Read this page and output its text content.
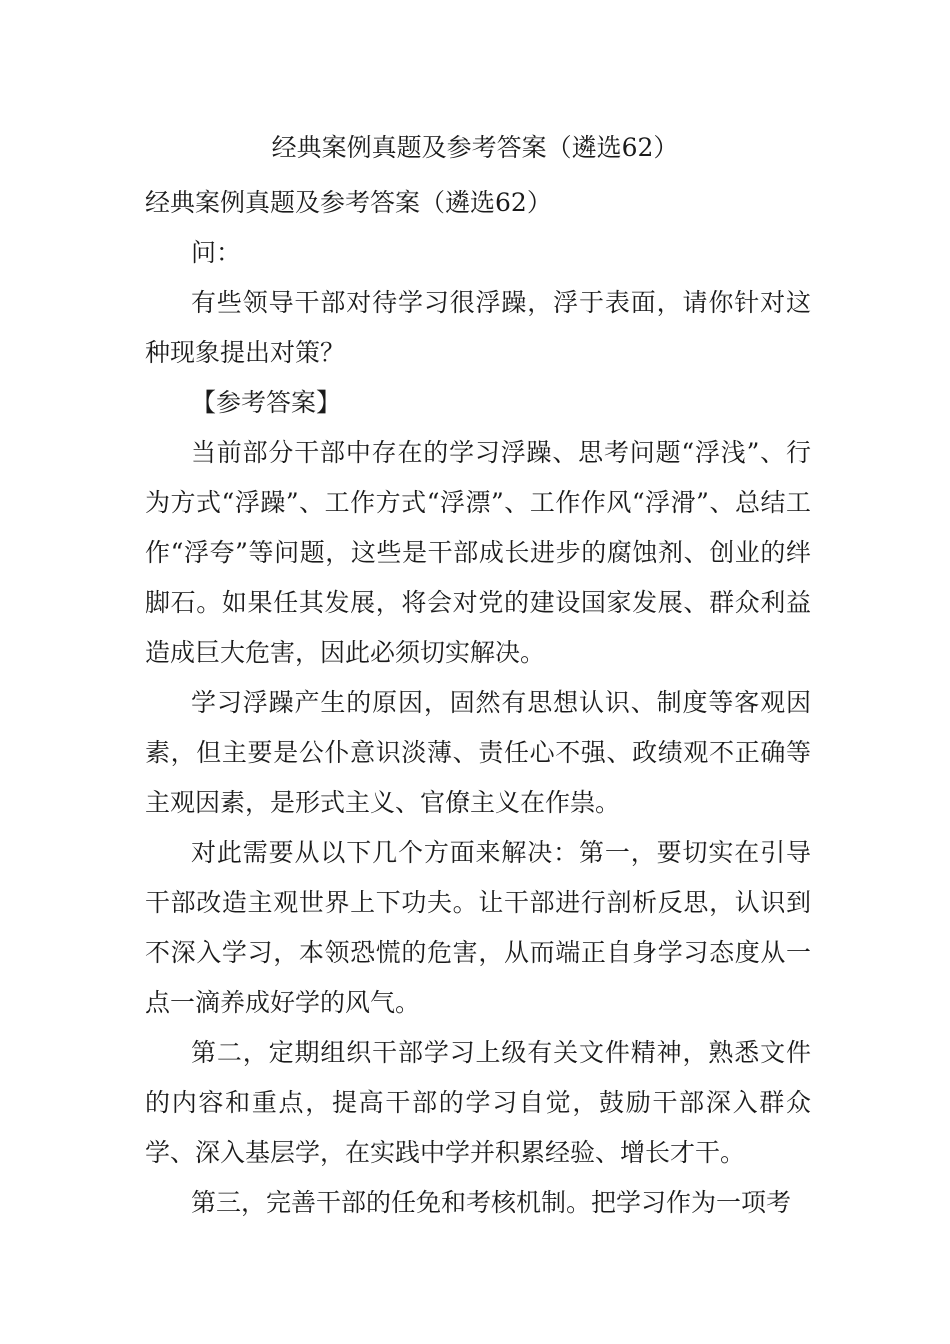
经典案例真题及参考答案（遴选62）

经典案例真题及参考答案（遴选62）

问：

有些领导干部对待学习很浮躁，浮于表面，请你针对这种现象提出对策？

【参考答案】

当前部分干部中存在的学习浮躁、思考问题“浮浅”、行为方式“浮躁”、工作方式“浮漂”、工作作风“浮滑”、总结工作“浮夸”等问题，这些是干部成长进步的腐蚀剂、创业的绊脚石。如果任其发展，将会对党的建设国家发展、群众利益造成巨大危害，因此必须切实解决。

学习浮躁产生的原因，固然有思想认识、制度等客观因素，但主要是公仆意识淡薄、责任心不强、政绩观不正确等主观因素，是形式主义、官僚主义在作祟。

对此需要从以下几个方面来解决：第一，要切实在引导干部改造主观世界上下功夫。让干部进行剖析反思，认识到不深入学习，本领恐慌的危害，从而端正自身学习态度从一点一滴养成好学的风气。

第二，定期组织干部学习上级有关文件精神，熟悉文件的内容和重点，提高干部的学习自觉，鼓励干部深入群众学、深入基层学，在实践中学并积累经验、增长才干。

第三，完善干部的任免和考核机制。把学习作为一项考
